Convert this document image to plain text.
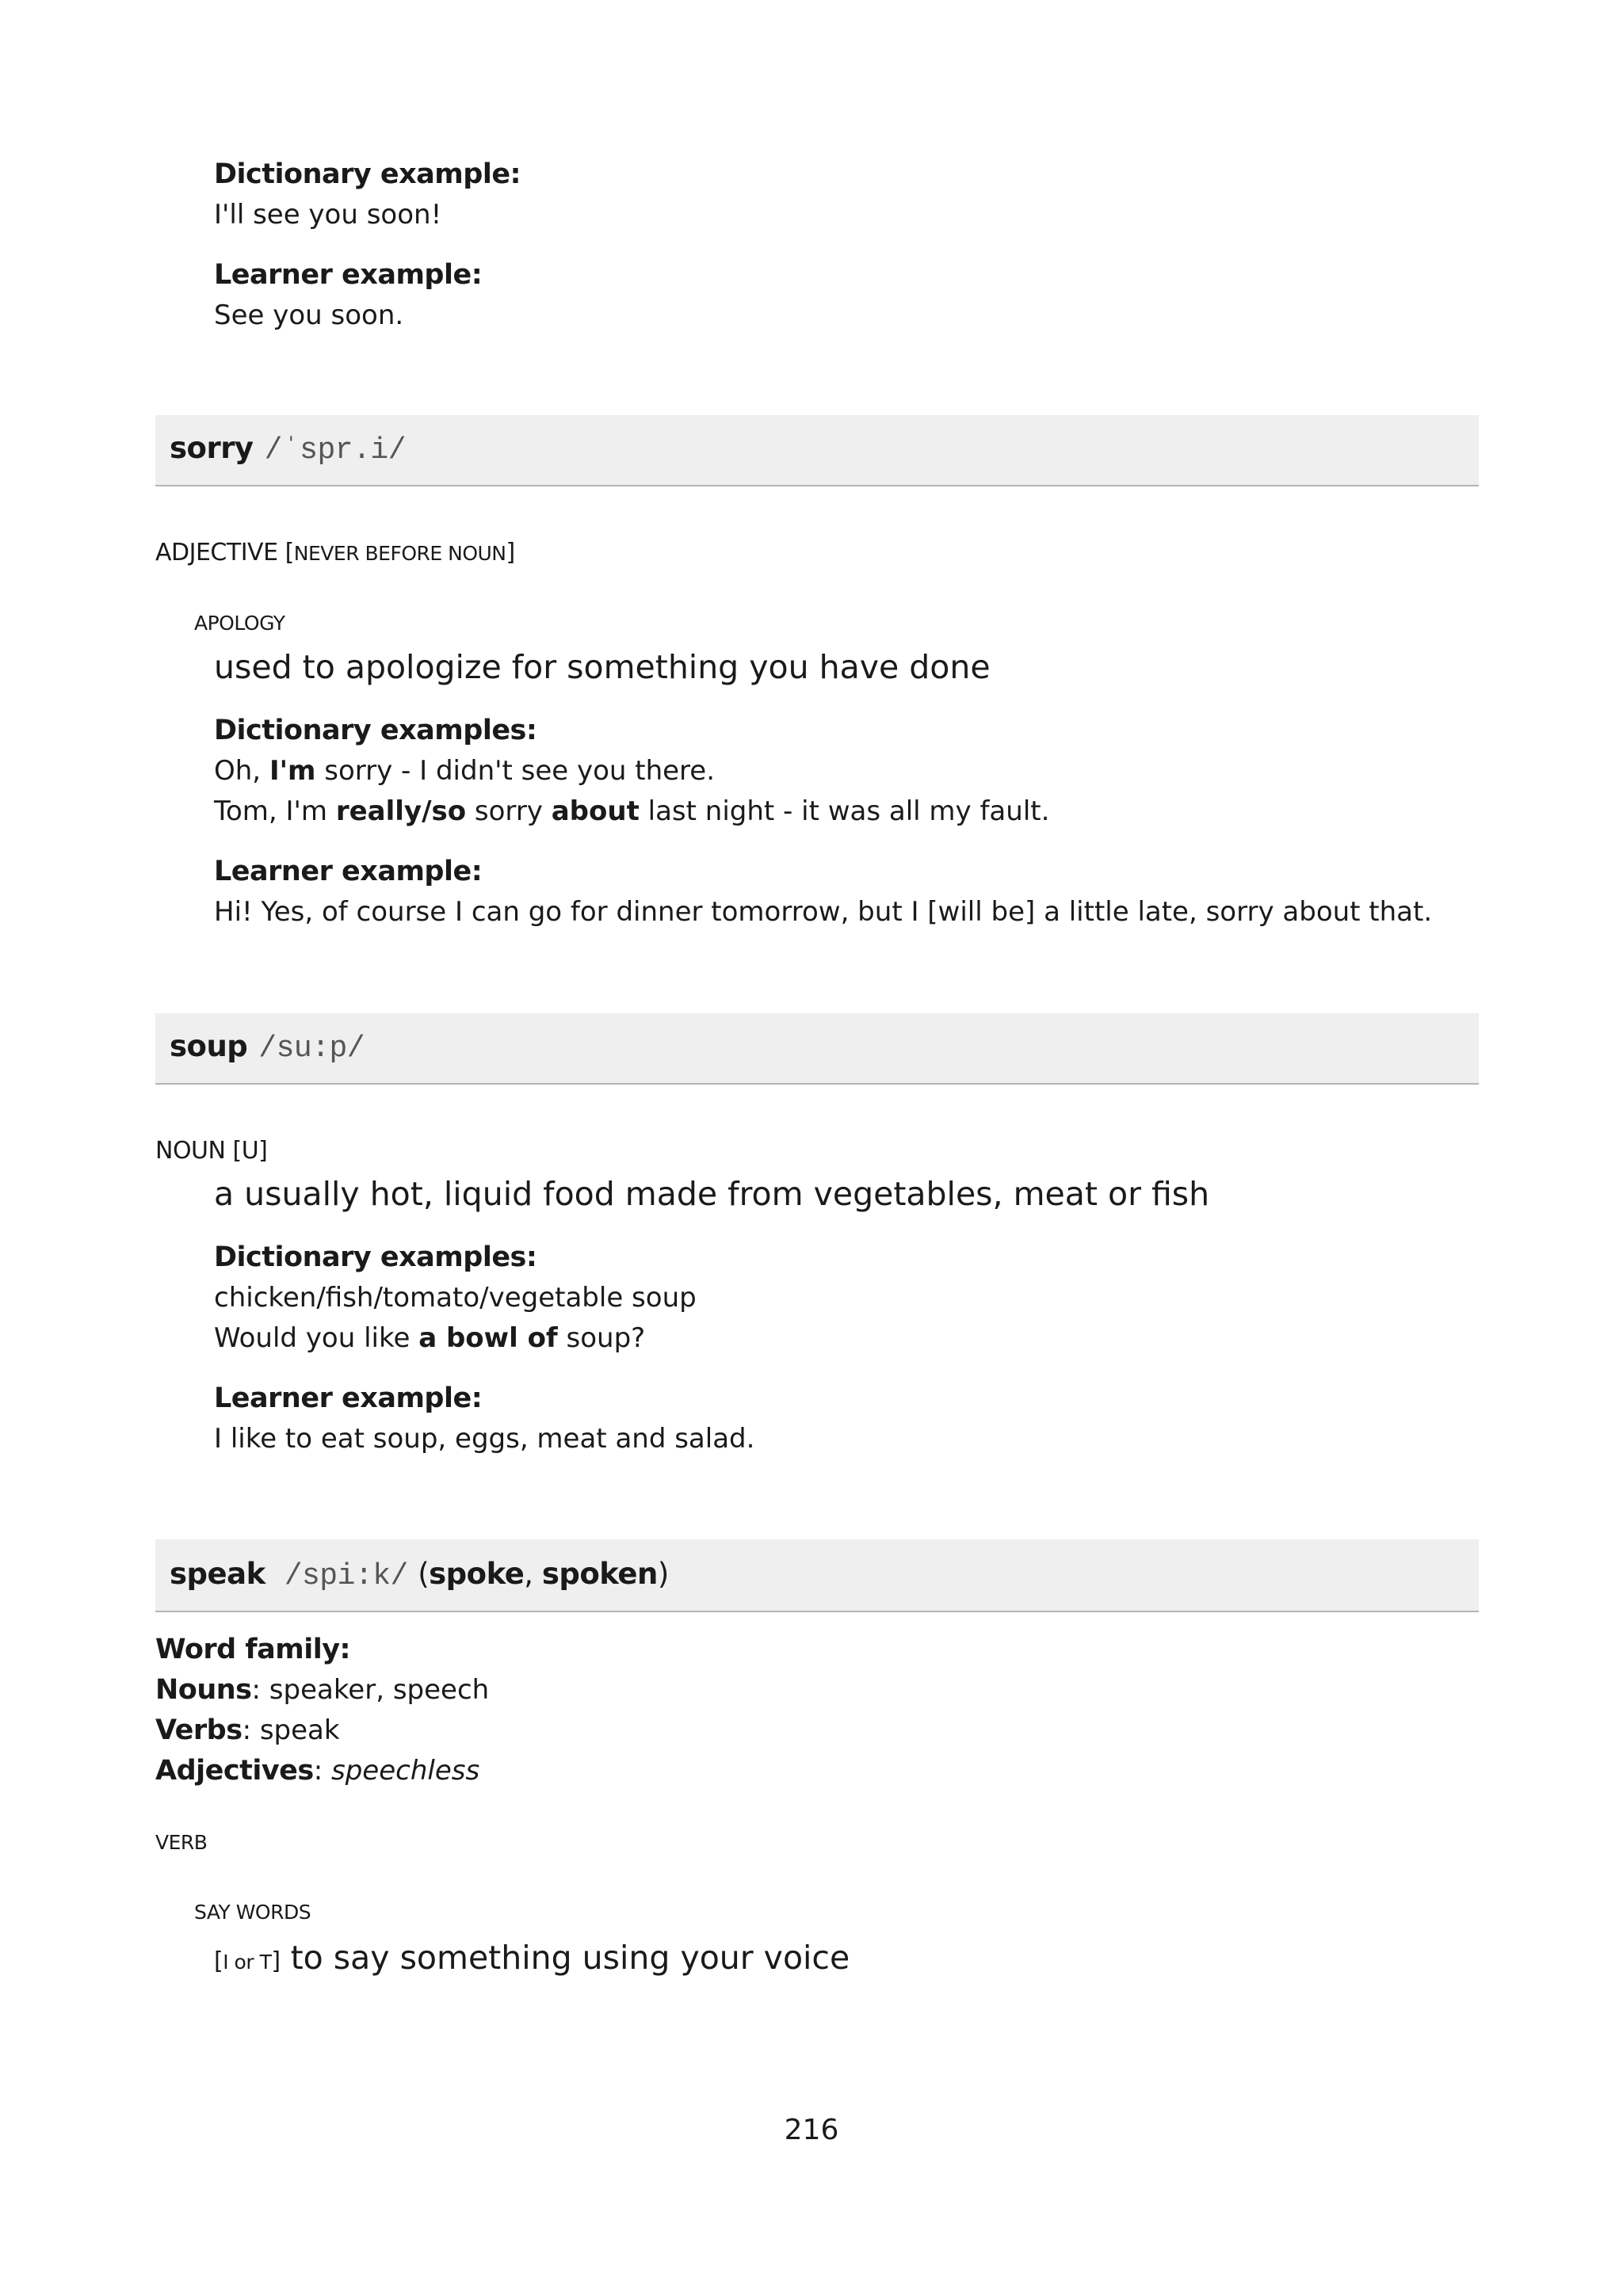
Dictionary example:

I'll see you soon!

Learner example:

See you soon.

sorry /ˈspr.i/

ADJECTIVE [NEVER BEFORE NOUN]

APOLOGY

used to apologize for something you have done

Dictionary examples:

Oh, I'm sorry - I didn't see you there.

Tom, I'm really/so sorry about last night - it was all my fault.

Learner example:

Hi! Yes, of course I can go for dinner tomorrow, but I [will be] a little late, sorry about that.

soup /su:p/

NOUN [U]

a usually hot, liquid food made from vegetables, meat or fish

Dictionary examples:

chicken/fish/tomato/vegetable soup

Would you like a bowl of soup?

Learner example:

I like to eat soup, eggs, meat and salad.

speak /spi:k/ (spoke, spoken)

Word family:

Nouns: speaker, speech

Verbs: speak

Adjectives: speechless

VERB

SAY WORDS

[I or T] to say something using your voice

216
